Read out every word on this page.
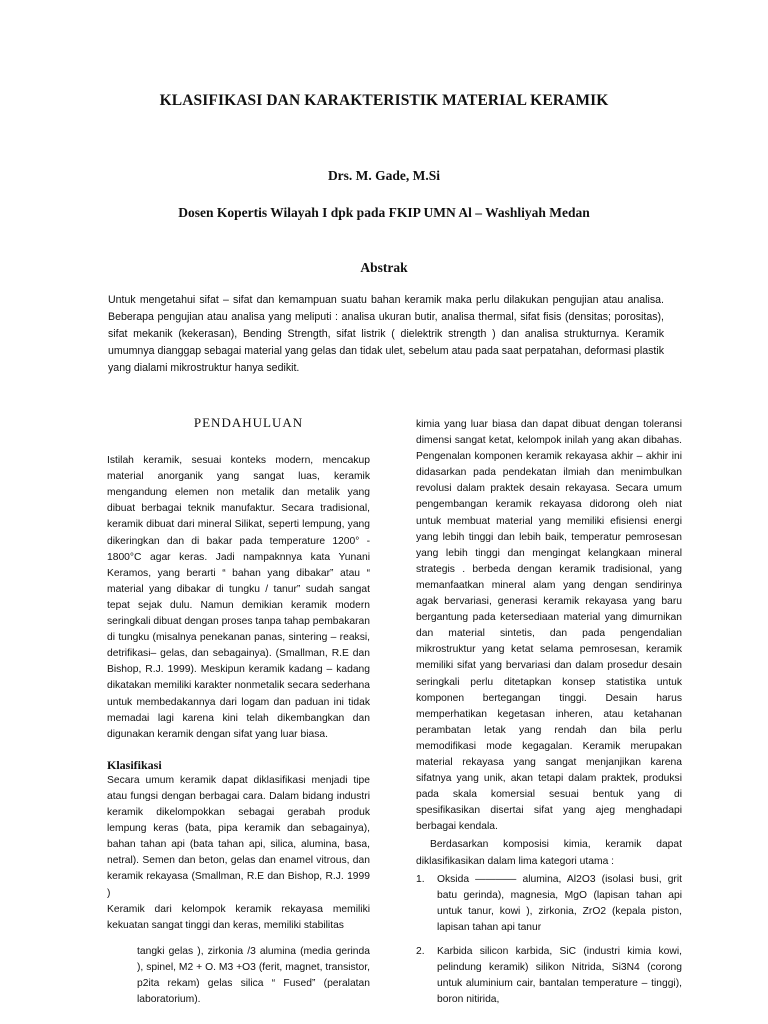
KLASIFIKASI DAN KARAKTERISTIK MATERIAL KERAMIK
Drs. M. Gade, M.Si
Dosen Kopertis Wilayah I dpk pada FKIP UMN Al – Washliyah Medan
Abstrak

Untuk mengetahui sifat – sifat dan kemampuan suatu bahan keramik maka perlu dilakukan pengujian atau analisa. Beberapa pengujian atau analisa yang meliputi : analisa ukuran butir, analisa thermal, sifat fisis (densitas; porositas), sifat mekanik (kekerasan), Bending Strength, sifat listrik ( dielektrik strength ) dan analisa strukturnya. Keramik umumnya dianggap sebagai material yang gelas dan tidak ulet, sebelum atau pada saat perpatahan, deformasi plastik yang dialami mikrostruktur hanya sedikit.

PENDAHULUAN

Istilah keramik, sesuai konteks modern, mencakup material anorganik yang sangat luas, keramik mengandung elemen non metalik dan metalik yang dibuat berbagai teknik manufaktur. Secara tradisional, keramik dibuat dari mineral Silikat, seperti lempung, yang dikeringkan dan di bakar pada temperature 1200° - 1800°C agar keras. Jadi nampaknnya kata Yunani Keramos, yang berarti “ bahan yang dibakar” atau “ material yang dibakar di tungku / tanur” sudah sangat tepat sejak dulu. Namun demikian keramik modern seringkali dibuat dengan proses tanpa tahap pembakaran di tungku (misalnya penekanan panas, sintering – reaksi, detrifikasi– gelas, dan sebagainya). (Smallman, R.E dan Bishop, R.J. 1999). Meskipun keramik kadang – kadang dikatakan memiliki karakter nonmetalik secara sederhana untuk membedakannya dari logam dan paduan ini tidak memadai lagi karena kini telah dikembangkan dan digunakan keramik dengan sifat yang luar biasa.

Klasifikasi

Secara umum keramik dapat diklasifikasi menjadi tipe atau fungsi dengan berbagai cara. Dalam bidang industri keramik dikelompokkan sebagai gerabah produk lempung keras (bata, pipa keramik dan sebagainya), bahan tahan api (bata tahan api, silica, alumina, basa, netral). Semen dan beton, gelas dan enamel vitrous, dan keramik rekayasa (Smallman, R.E dan Bishop, R.J. 1999 )

Keramik dari kelompok keramik rekayasa memiliki kekuatan sangat tinggi dan keras, memiliki stabilitas

tangki gelas ), zirkonia /3 alumina (media gerinda ), spinel, M2 + O. M3 +O3 (ferit, magnet, transistor, p2ita rekam) gelas silica “ Fused” (peralatan laboratorium).

kimia yang luar biasa dan dapat dibuat dengan toleransi dimensi sangat ketat, kelompok inilah yang akan dibahas. Pengenalan komponen keramik rekayasa akhir – akhir ini didasarkan pada pendekatan ilmiah dan menimbulkan revolusi dalam praktek desain rekayasa. Secara umum pengembangan keramik rekayasa didorong oleh niat untuk membuat material yang memiliki efisiensi energi yang lebih tinggi dan lebih baik, temperatur pemrosesan yang lebih tinggi dan mengingat kelangkaan mineral strategis . berbeda dengan keramik tradisional, yang memanfaatkan mineral alam yang dengan sendirinya agak bervariasi, generasi keramik rekayasa yang baru bergantung pada ketersediaan material yang dimurnikan dan material sintetis, dan pada pengendalian mikrostruktur yang ketat selama pemrosesan, keramik memiliki sifat yang bervariasi dan dalam prosedur desain seringkali perlu ditetapkan konsep statistika untuk komponen bertegangan tinggi. Desain harus memperhatikan kegetasan inheren, atau ketahanan perambatan letak yang rendah dan bila perlu memodifikasi mode kegagalan. Keramik merupakan material rekayasa yang sangat menjanjikan karena sifatnya yang unik, akan tetapi dalam praktek, produksi pada skala komersial sesuai bentuk yang di spesifikasikan disertai sifat yang ajeg menghadapi berbagai kendala.

Berdasarkan komposisi kimia, keramik dapat diklasifikasikan dalam lima kategori utama :

1.	Oksida ———— alumina, Al2O3 (isolasi busi, grit batu gerinda), magnesia, MgO (lapisan tahan api untuk tanur, kowi ), zirkonia, ZrO2 (kepala piston, lapisan tahan api tanur
2.	Karbida silicon karbida, SiC (industri kimia kowi, pelindung keramik) silikon Nitrida, Si3N4 (corong untuk aluminium cair, bantalan temperature – tinggi), boron nitirida,
